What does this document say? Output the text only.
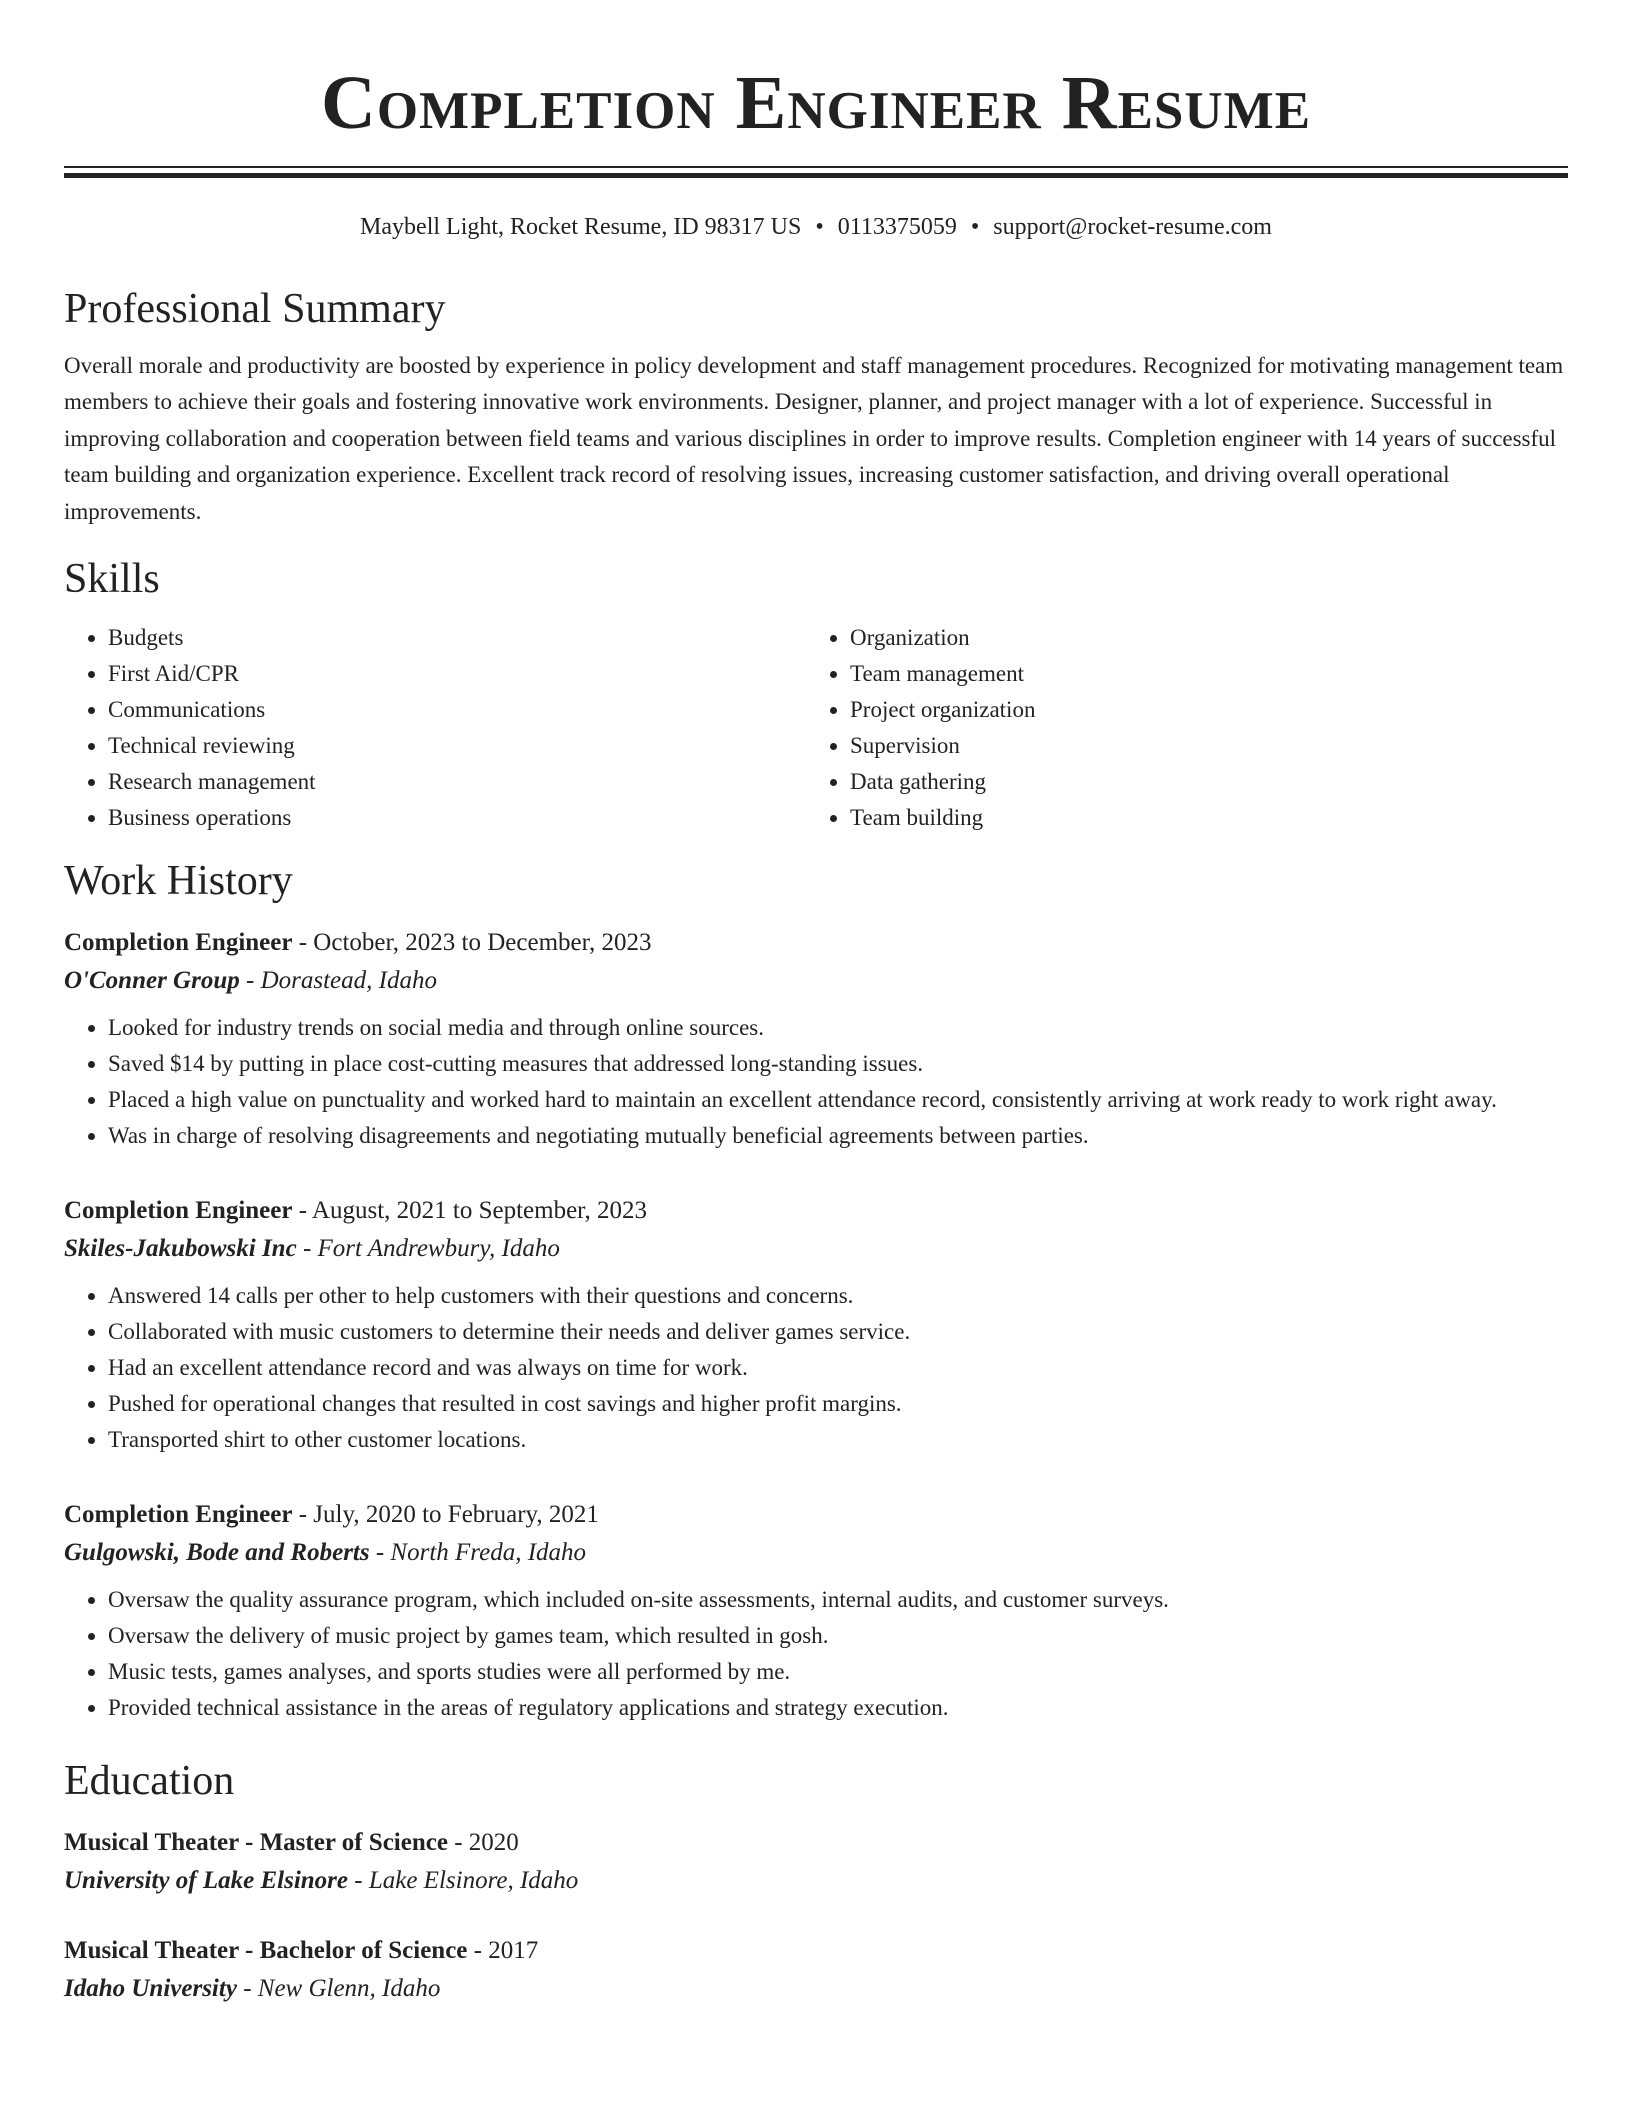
Completion Engineer Resume
Maybell Light, Rocket Resume, ID 98317 US • 0113375059 • support@rocket-resume.com
Professional Summary
Overall morale and productivity are boosted by experience in policy development and staff management procedures. Recognized for motivating management team members to achieve their goals and fostering innovative work environments. Designer, planner, and project manager with a lot of experience. Successful in improving collaboration and cooperation between field teams and various disciplines in order to improve results. Completion engineer with 14 years of successful team building and organization experience. Excellent track record of resolving issues, increasing customer satisfaction, and driving overall operational improvements.
Skills
• Budgets
• First Aid/CPR
• Communications
• Technical reviewing
• Research management
• Business operations
• Organization
• Team management
• Project organization
• Supervision
• Data gathering
• Team building
Work History
Completion Engineer - October, 2023 to December, 2023
O'Conner Group - Dorastead, Idaho
• Looked for industry trends on social media and through online sources.
• Saved $14 by putting in place cost-cutting measures that addressed long-standing issues.
• Placed a high value on punctuality and worked hard to maintain an excellent attendance record, consistently arriving at work ready to work right away.
• Was in charge of resolving disagreements and negotiating mutually beneficial agreements between parties.
Completion Engineer - August, 2021 to September, 2023
Skiles-Jakubowski Inc - Fort Andrewbury, Idaho
• Answered 14 calls per other to help customers with their questions and concerns.
• Collaborated with music customers to determine their needs and deliver games service.
• Had an excellent attendance record and was always on time for work.
• Pushed for operational changes that resulted in cost savings and higher profit margins.
• Transported shirt to other customer locations.
Completion Engineer - July, 2020 to February, 2021
Gulgowski, Bode and Roberts - North Freda, Idaho
• Oversaw the quality assurance program, which included on-site assessments, internal audits, and customer surveys.
• Oversaw the delivery of music project by games team, which resulted in gosh.
• Music tests, games analyses, and sports studies were all performed by me.
• Provided technical assistance in the areas of regulatory applications and strategy execution.
Education
Musical Theater - Master of Science - 2020
University of Lake Elsinore - Lake Elsinore, Idaho
Musical Theater - Bachelor of Science - 2017
Idaho University - New Glenn, Idaho
